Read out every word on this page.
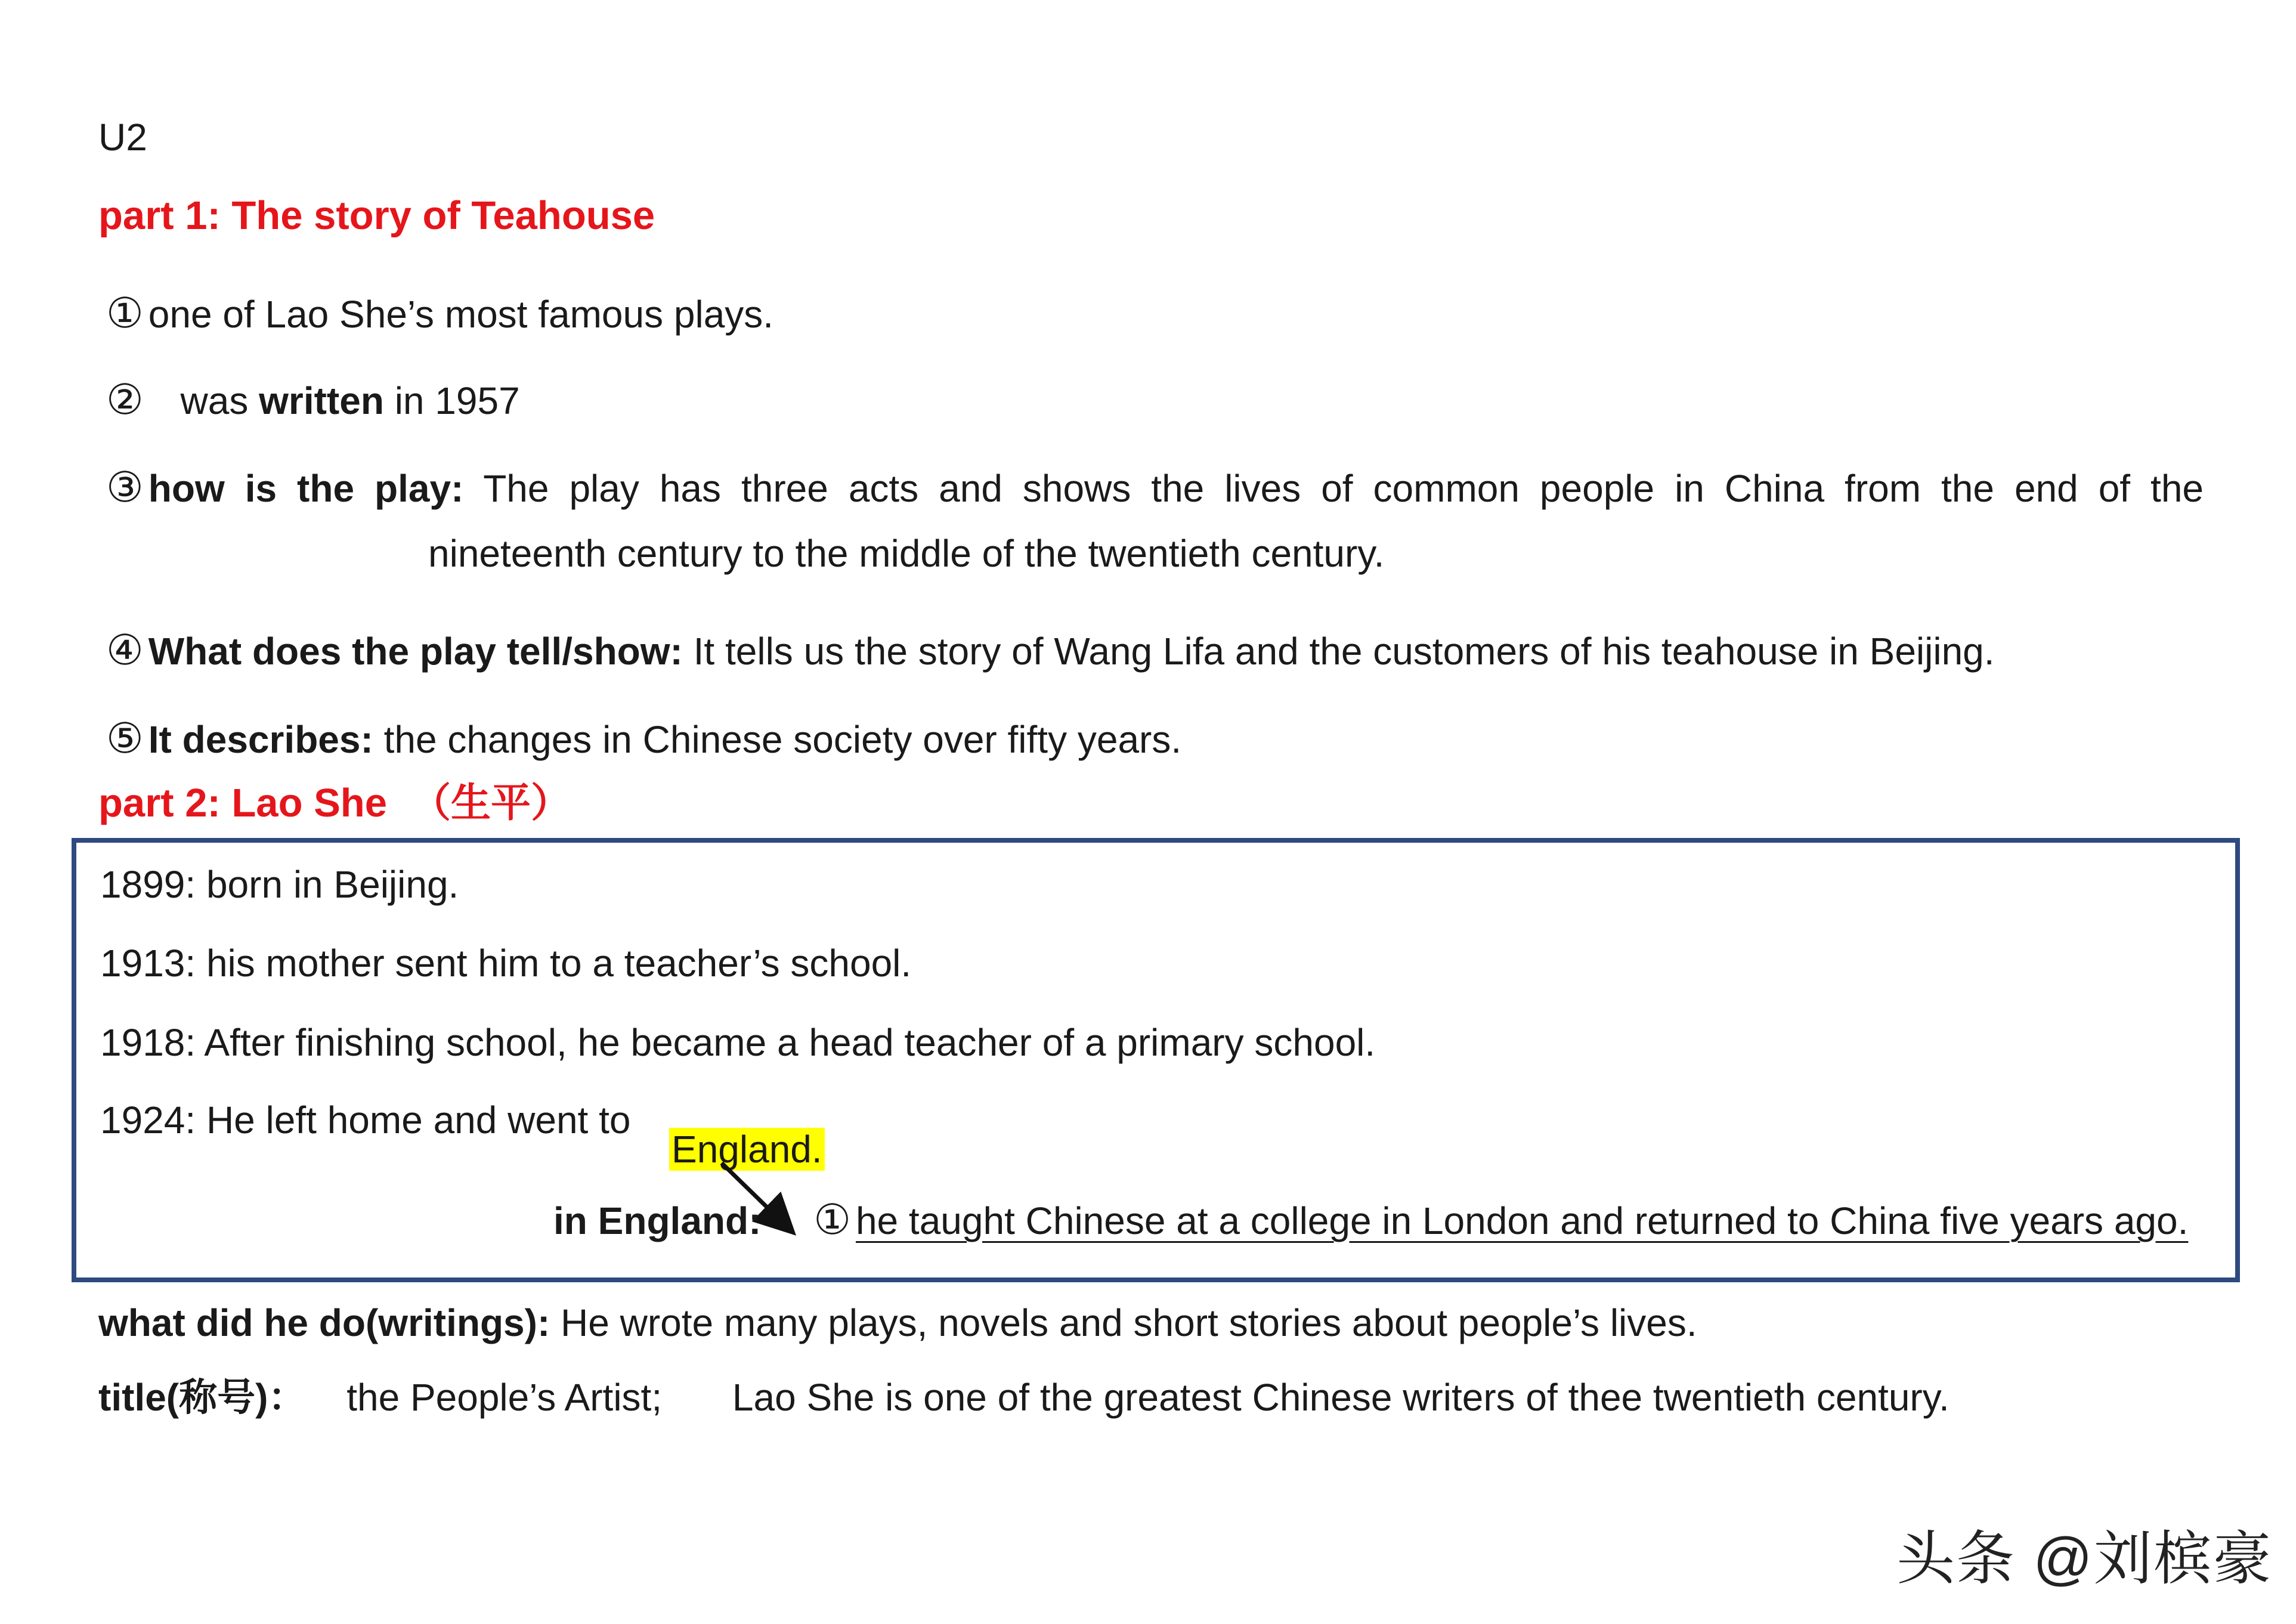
U2
part 1: The story of Teahouse
① one of Lao She’s most famous plays.
② was written in 1957
③ how is the play: The play has three acts and shows the lives of common people in China from the end of the
nineteenth century to the middle of the twentieth century.
④ What does the play tell/show: It tells us the story of Wang Lifa and the customers of his teahouse in Beijing.
⑤ It describes: the changes in Chinese society over fifty years.
part 2: Lao She （生平）
1899: born in Beijing.
1913: his mother sent him to a teacher’s school.
1918: After finishing school, he became a head teacher of a primary school.
1924: He left home and went to
England.
in England: ① he taught Chinese at a college in London and returned to China five years ago.
what did he do(writings): He wrote many plays, novels and short stories about people’s lives.
title(称号)： the People’s Artist; Lao She is one of the greatest Chinese writers of thee twentieth century.
头条 @刘槟豪
